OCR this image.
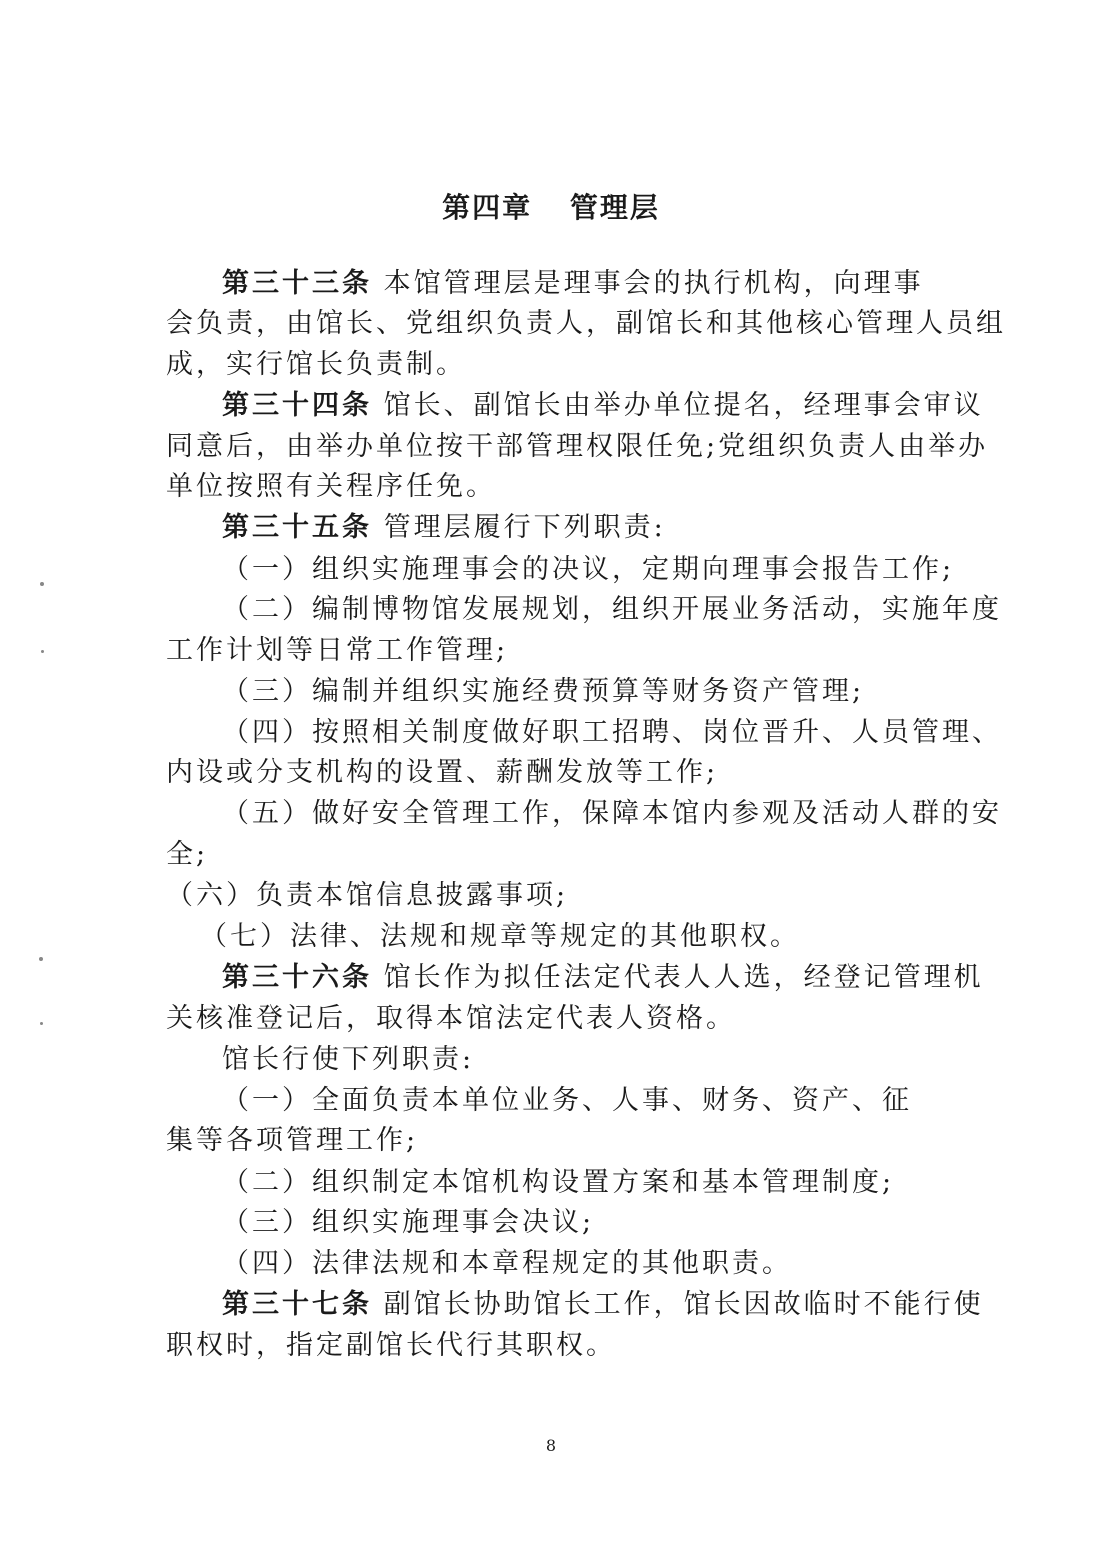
第四章 管理层
第三十三条 本馆管理层是理事会的执行机构，向理事
会负责，由馆长、党组织负责人，副馆长和其他核心管理人员组
成，实行馆长负责制。
第三十四条 馆长、副馆长由举办单位提名，经理事会审议
同意后，由举办单位按干部管理权限任免;党组织负责人由举办
单位按照有关程序任免。
第三十五条 管理层履行下列职责:
（一）组织实施理事会的决议，定期向理事会报告工作;
（二）编制博物馆发展规划，组织开展业务活动，实施年度
工作计划等日常工作管理;
（三）编制并组织实施经费预算等财务资产管理;
（四）按照相关制度做好职工招聘、岗位晋升、人员管理、
内设或分支机构的设置、薪酬发放等工作;
（五）做好安全管理工作，保障本馆内参观及活动人群的安
全;
（六）负责本馆信息披露事项;
（七）法律、法规和规章等规定的其他职权。
第三十六条 馆长作为拟任法定代表人人选，经登记管理机
关核准登记后，取得本馆法定代表人资格。
馆长行使下列职责:
（一）全面负责本单位业务、人事、财务、资产、征
集等各项管理工作;
（二）组织制定本馆机构设置方案和基本管理制度;
（三）组织实施理事会决议;
（四）法律法规和本章程规定的其他职责。
第三十七条 副馆长协助馆长工作，馆长因故临时不能行使
职权时，指定副馆长代行其职权。
8
